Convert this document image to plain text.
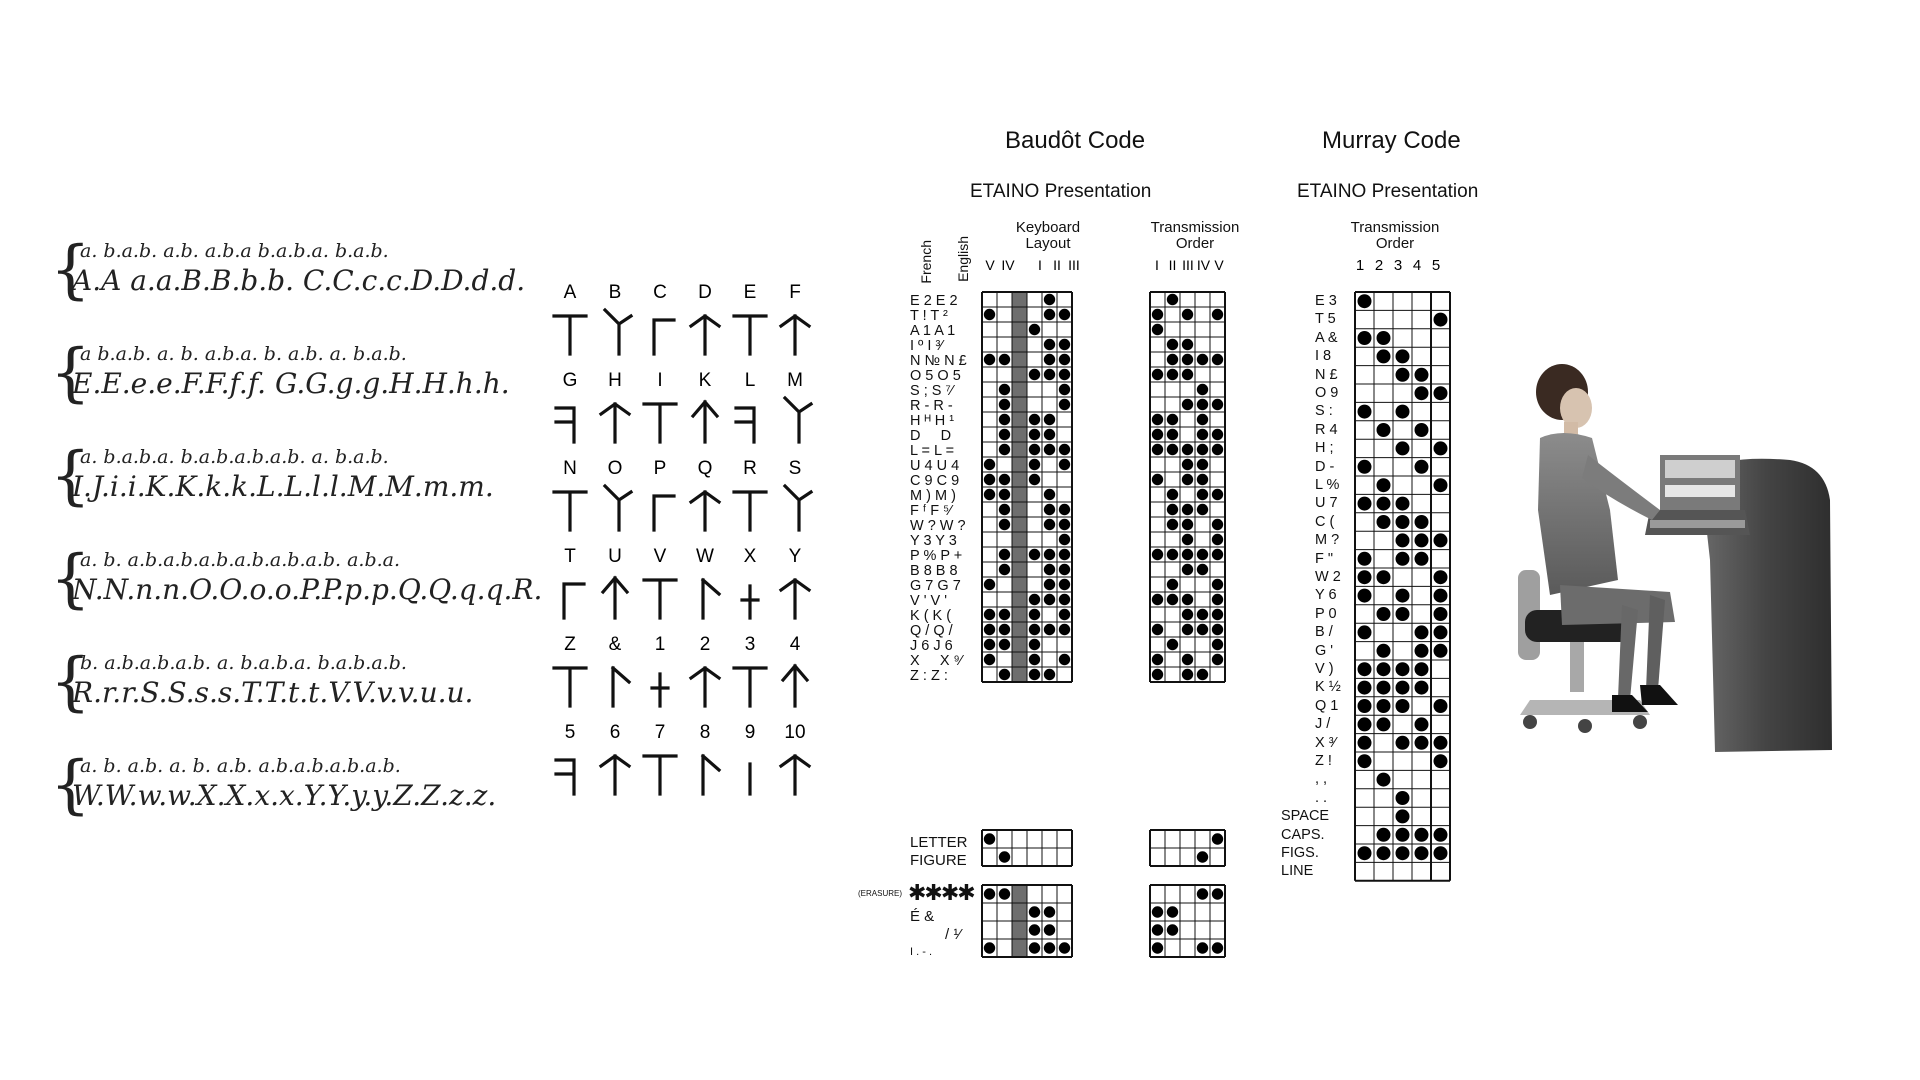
{
a. b.a.b. a.b. a.b.a b.a.b.a. b.a.b.
A.A a.a.B.B.b.b. C.C.c.c.D.D.d.d.
{
a b.a.b. a. b. a.b.a. b. a.b. a. b.a.b.
E.E.e.e.F.F.f.f. G.G.g.g.H.H.h.h.
{
a. b.a.b.a. b.a.b.a.b.a.b. a. b.a.b.
I.J.i.i.K.K.k.k.L.L.l.l.M.M.m.m.
{
a. b. a.b.a.b.a.b.a.b.a.b.a.b. a.b.a.
N.N.n.n.O.O.o.o.P.P.p.p.Q.Q.q.q.R.
{
b. a.b.a.b.a.b. a. b.a.b.a. b.a.b.a.b.
R.r.r.S.S.s.s.T.T.t.t.V.V.v.v.u.u.
{
a. b. a.b. a. b. a.b. a.b.a.b.a.b.a.b.
W.W.w.w.X.X.x.x.Y.Y.y.y.Z.Z.z.z.
A B C D E F
G H I K L M
N O P Q R S
T U V W X Y
Z & 1 2 3 4
5 6 7 8 9 10
Baudôt Code
ETAINO Presentation
French English
Keyboard Layout
Transmission Order
E 2 E 2
T ! T ²
A 1 A 1
I º I ³⁄
N № N £
O 5 O 5
S ; S ⁷⁄
R - R -
H ᴴ H ¹
D     D
L = L =
U 4 U 4
C 9 C 9
M ) M )
F ᶠ F ⁵⁄
W ? W ?
Y 3 Y 3
P % P +
B 8 B 8
G 7 G 7
V ' V '
K ( K (
Q / Q /
J 6 J 6
X     X ⁹⁄
Z : Z :
V IV I II III	I II III IV V	1 2 3 4 5
LETTER
FIGURE
(ERASURE) ✱✱✱✱
É &
/ ¹⁄
I . - .
Murray Code
ETAINO Presentation
Transmission Order
E 3
T 5
A &
I 8
N £
O 9
S :
R 4
H ;
D -
L %
U 7
C (
M ?
F "
W 2
Y 6
P 0
B /
G '
V )
K ½
Q 1
J /
X ³⁄
Z !
, ,
. .
SPACE
CAPS.
FIGS.
LINE
